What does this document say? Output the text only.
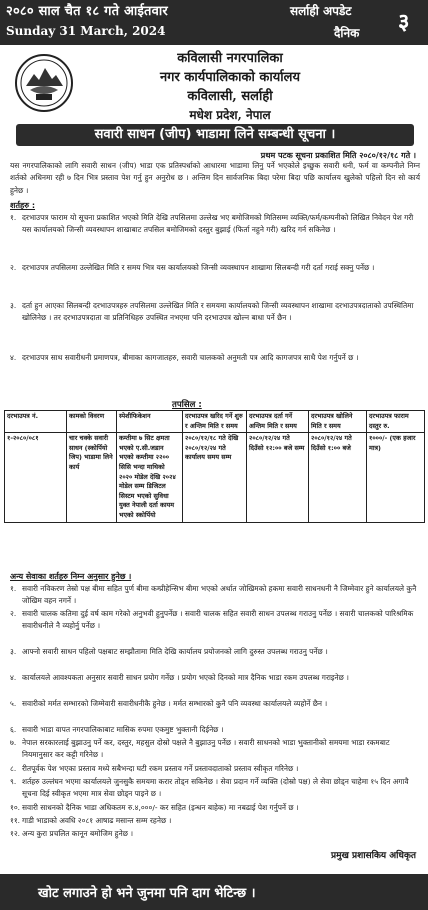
२०८० साल चैत १८ गते आईतवार	सर्लाही अपडेट
Sunday 31 March, 2024	दैनिक ३
कविलासी नगरपालिका
नगर कार्यपालिकाको कार्यालय
कविलासी, सर्लाही
मधेश प्रदेश, नेपाल
सवारी साधन (जीप) भाडामा लिने सम्बन्धी सूचना ।
प्रथम पटक सूचना प्रकाशित मिति २०८०/१२/१८ गते ।
यस नगरपालिकाको लागि सवारी साधन (जीप) भाडा एक प्रतिस्पर्धाको आधारमा भाडामा लिनु पर्ने भएकोले इच्छुक सवारी धनी, फर्म वा कम्पनीले निम्न शर्तको अधिनमा रही ७ दिन भित्र प्रस्ताव पेश गर्नु हुन अनुरोध छ । अन्तिम दिन सार्वजनिक बिदा परेमा बिदा पछि कार्यालय खुलेको पहिलो दिन सो कार्य हुनेछ ।
शर्तहरु :
१. दरभाउपत्र फाराम यो सूचना प्रकाशित भएको मिति देखि तपसिलमा उल्लेख भए बमोजिमको मितिसम्म व्यक्ति/फर्म/कम्पनीको लिखित निवेदन पेश गरी यस कार्यालयको जिन्सी व्यवस्थापन शाखाबाट तपसिल बमोजिमको दस्तुर बुझाई (फिर्ता नहुने गरी) खरिद गर्न सकिनेछ ।
२. दरभाउपत्र तपसिलमा उल्लेखित मिति र समय भित्र यस कार्यालयको जिन्सी व्यवस्थापन शाखामा सिलबन्दी गरी दर्ता गराई सक्नु पर्नेछ ।
३. दर्ता हुन आएका सिलबन्दी दरभाउपत्रहरु तपसिलमा उल्लेखित मिति र समयमा कार्यालयको जिन्सी व्यवस्थापन शाखामा दरभाउपत्रदाताको उपस्थितिमा खोलिनेछ । तर दरभाउपत्रदाता वा प्रतिनिधिहरु उपस्थित नभएमा पनि दरभाउपत्र खोल्न बाधा पर्ने छैन ।
४. दरभाउपत्र साथ सवारीधनी प्रमाणपत्र, बीमाका कागजातहरु, सवारी चालकको अनुमती पत्र आदि कागजपत्र साथै पेश गर्नुपर्ने छ ।
तपसिल :
दरभाउपत्र नं.	कामको विवरण	स्पेशीफिकेशन	दरभाउपत्र खरिद गर्ने शुरु र अन्तिम मिति र समय	दरभाउपत्र दर्ता गर्ने अन्तिम मिति र समय	दरभाउपत्र खोलिने मिति र समय	दरभाउपत्र फाराम दस्तुर रु.
१-२०८०/०८१	चार चक्के सवारी साधन (स्कोर्पियो जिप) भाडामा लिने कार्य	कम्तीमा ७ सिट क्षमता भएको ए.सी.जडान भएको कम्तीमा २२०० सिसि भन्दा माथिको २०२० मोडेल देखि २०२४ मोडेल सम्म डिजिटल सिस्टम भएको सुविधा युक्त नेपाली दर्ता कायम भएको स्कोर्पियो	२०८०/१२/१८ गते देखि २०८०/१२/२४ गते कार्यालय समय सम्म	२०८०/१२/२४ गते दिउँसो १२:०० बजे सम्म	२०८०/१२/२४ गते दिउँसो १:०० बजे	१०००/- (एक हजार मात्र)
अन्य सेवाका शर्तहरु निम्न अनुसार हुनेछ ।
१. सवारी नविकरण तेस्रो पक्ष बीमा सहित पुर्ण बीमा कम्प्रीहेन्सिभ बीमा भएको अर्थात जोखिमको हकमा सवारी साधनधनी नै जिम्मेवार हुने कार्यालयले कुनै जोखिम वहन नगर्ने ।
२. सवारी चालक कतिमा दुई वर्ष काम गरेको अनुभवी हुनुपर्नेछ । सवारी चालक सहित सवारी साधन उपलब्ध गराउनु पर्नेछ । सवारी चालकको पारिश्रमिक सवारीधनीले नै व्यहोर्नु पर्नेछ ।
३. आफ्नो सवारी साधन पहिलो पक्षबाट सम्झौतामा मिति देखि कार्यालय प्रयोजनको लागि दुरुस्त उपलब्ध गराउनु पर्नेछ ।
४. कार्यालयले आवश्यकता अनुसार सवारी साधन प्रयोग गर्नेछ । प्रयोग भएको दिनको मात्र दैनिक भाडा रकम उपलब्ध गराइनेछ ।
५. सवारीको मर्मत सम्भारको जिम्मेवारी सवारीधनीकै हुनेछ । मर्मत सम्भारको कुनै पनि व्यवस्था कार्यालयले व्यहोर्ने छैन ।
६. सवारी भाडा वापत नगरपालिकाबाट मासिक रुपमा एकमुष्ट भुक्तानी दिईनेछ ।
७. नेपाल सरकारलाई बुझाउनु पर्ने कर, दस्तुर, महसुल दोस्रो पक्षले नै बुझाउनु पर्नेछ । सवारी साधनको भाडा भुक्तानीको समयमा भाडा रकमबाट नियमानुसार कर कट्टी गरिनेछ ।
८. रीतपूर्वक पेश भएका प्रस्ताव मध्ये सबैभन्दा घटी रकम प्रस्ताव गर्ने प्रस्तावदाताको प्रस्ताव स्वीकृत गरिनेछ ।
९. शर्तहरु उल्लंघन भएमा कार्यालयले जुनसुकै समयमा करार तोड्न सकिनेछ । सेवा प्रदान गर्ने व्यक्ति (दोस्रो पक्ष) ले सेवा छोड्न चाहेमा १५ दिन अगावै सूचना दिई स्वीकृत भएमा मात्र सेवा छोड्न पाइने छ ।
१०. सवारी साधनको दैनिक भाडा अधिकतम रु.४,०००/- कर सहित (इन्धन बाहेक) मा नबढाई पेश गर्नुपर्ने छ ।
११. गाडी भाडाको अवधि २०८१ आषाढ मसान्त सम्म रहनेछ ।
१२. अन्य कुरा प्रचलित कानून बमोजिम हुनेछ ।
प्रमुख प्रशासकिय अधिकृत
खोट लगाउने हो भने जुनमा पनि दाग भेटिन्छ ।
